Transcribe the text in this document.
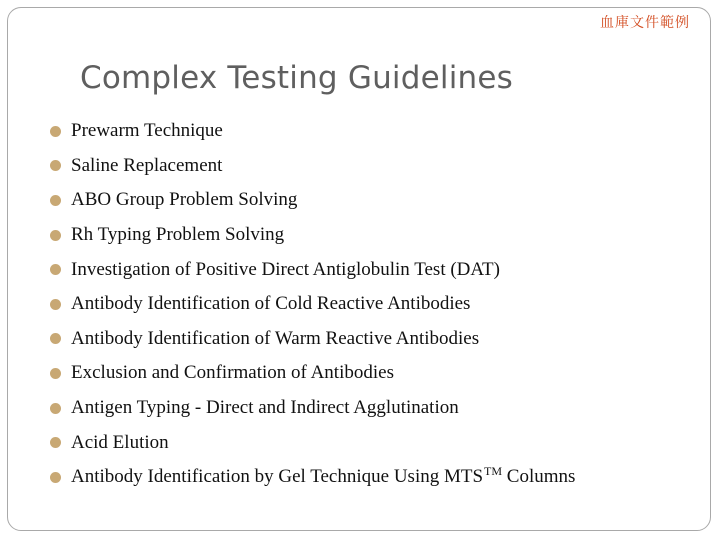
血庫文件範例
Complex Testing Guidelines
Prewarm Technique
Saline Replacement
ABO Group Problem Solving
Rh Typing Problem Solving
Investigation of Positive Direct Antiglobulin Test (DAT)
Antibody Identification of Cold Reactive Antibodies
Antibody Identification of Warm Reactive Antibodies
Exclusion and Confirmation of Antibodies
Antigen Typing - Direct and Indirect Agglutination
Acid Elution
Antibody Identification by Gel Technique Using MTS™ Columns
